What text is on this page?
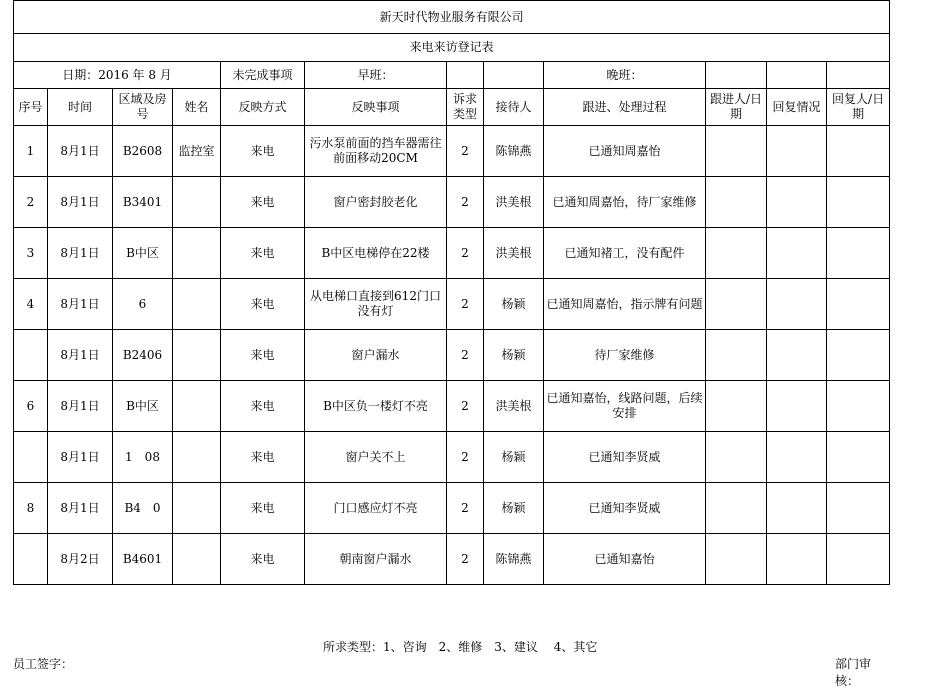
新天时代物业服务有限公司											
来电来访登记表											
日期：2016 年 8 月				未完成事项	早班：			晚班：			
序号	时间	区域及房号	姓名	反映方式	反映事项	诉求类型	接待人	跟进、处理过程	跟进人/日期	回复情况	回复人/日期
1	8月1日	B2608	监控室	来电	污水泵前面的挡车器需往前面移动20CM	2	陈锦燕	已通知周嘉怡			
2	8月1日	B3401		来电	窗户密封胶老化	2	洪美根	已通知周嘉怡，待厂家维修			
3	8月1日	B中区		来电	B中区电梯停在22楼	2	洪美根	已通知褚工，没有配件			
4	8月1日	6		来电	从电梯口直接到612门口没有灯	2	杨颖	已通知周嘉怡，指示牌有问题			
	8月1日	B2406		来电	窗户漏水	2	杨颖	待厂家维修			
6	8月1日	B中区		来电	B中区负一楼灯不亮	2	洪美根	已通知嘉怡，线路问题，后续安排			
	8月1日	1　08		来电	窗户关不上	2	杨颖	已通知李贤威			
8	8月1日	B4　0		来电	门口感应灯不亮	2	杨颖	已通知李贤威			
	8月2日	B4601		来电	朝南窗户漏水	2	陈锦燕	已通知嘉怡			
所求类型：1、咨询　2、维修　3、建议　 4、其它
员工签字：	部门审核：
